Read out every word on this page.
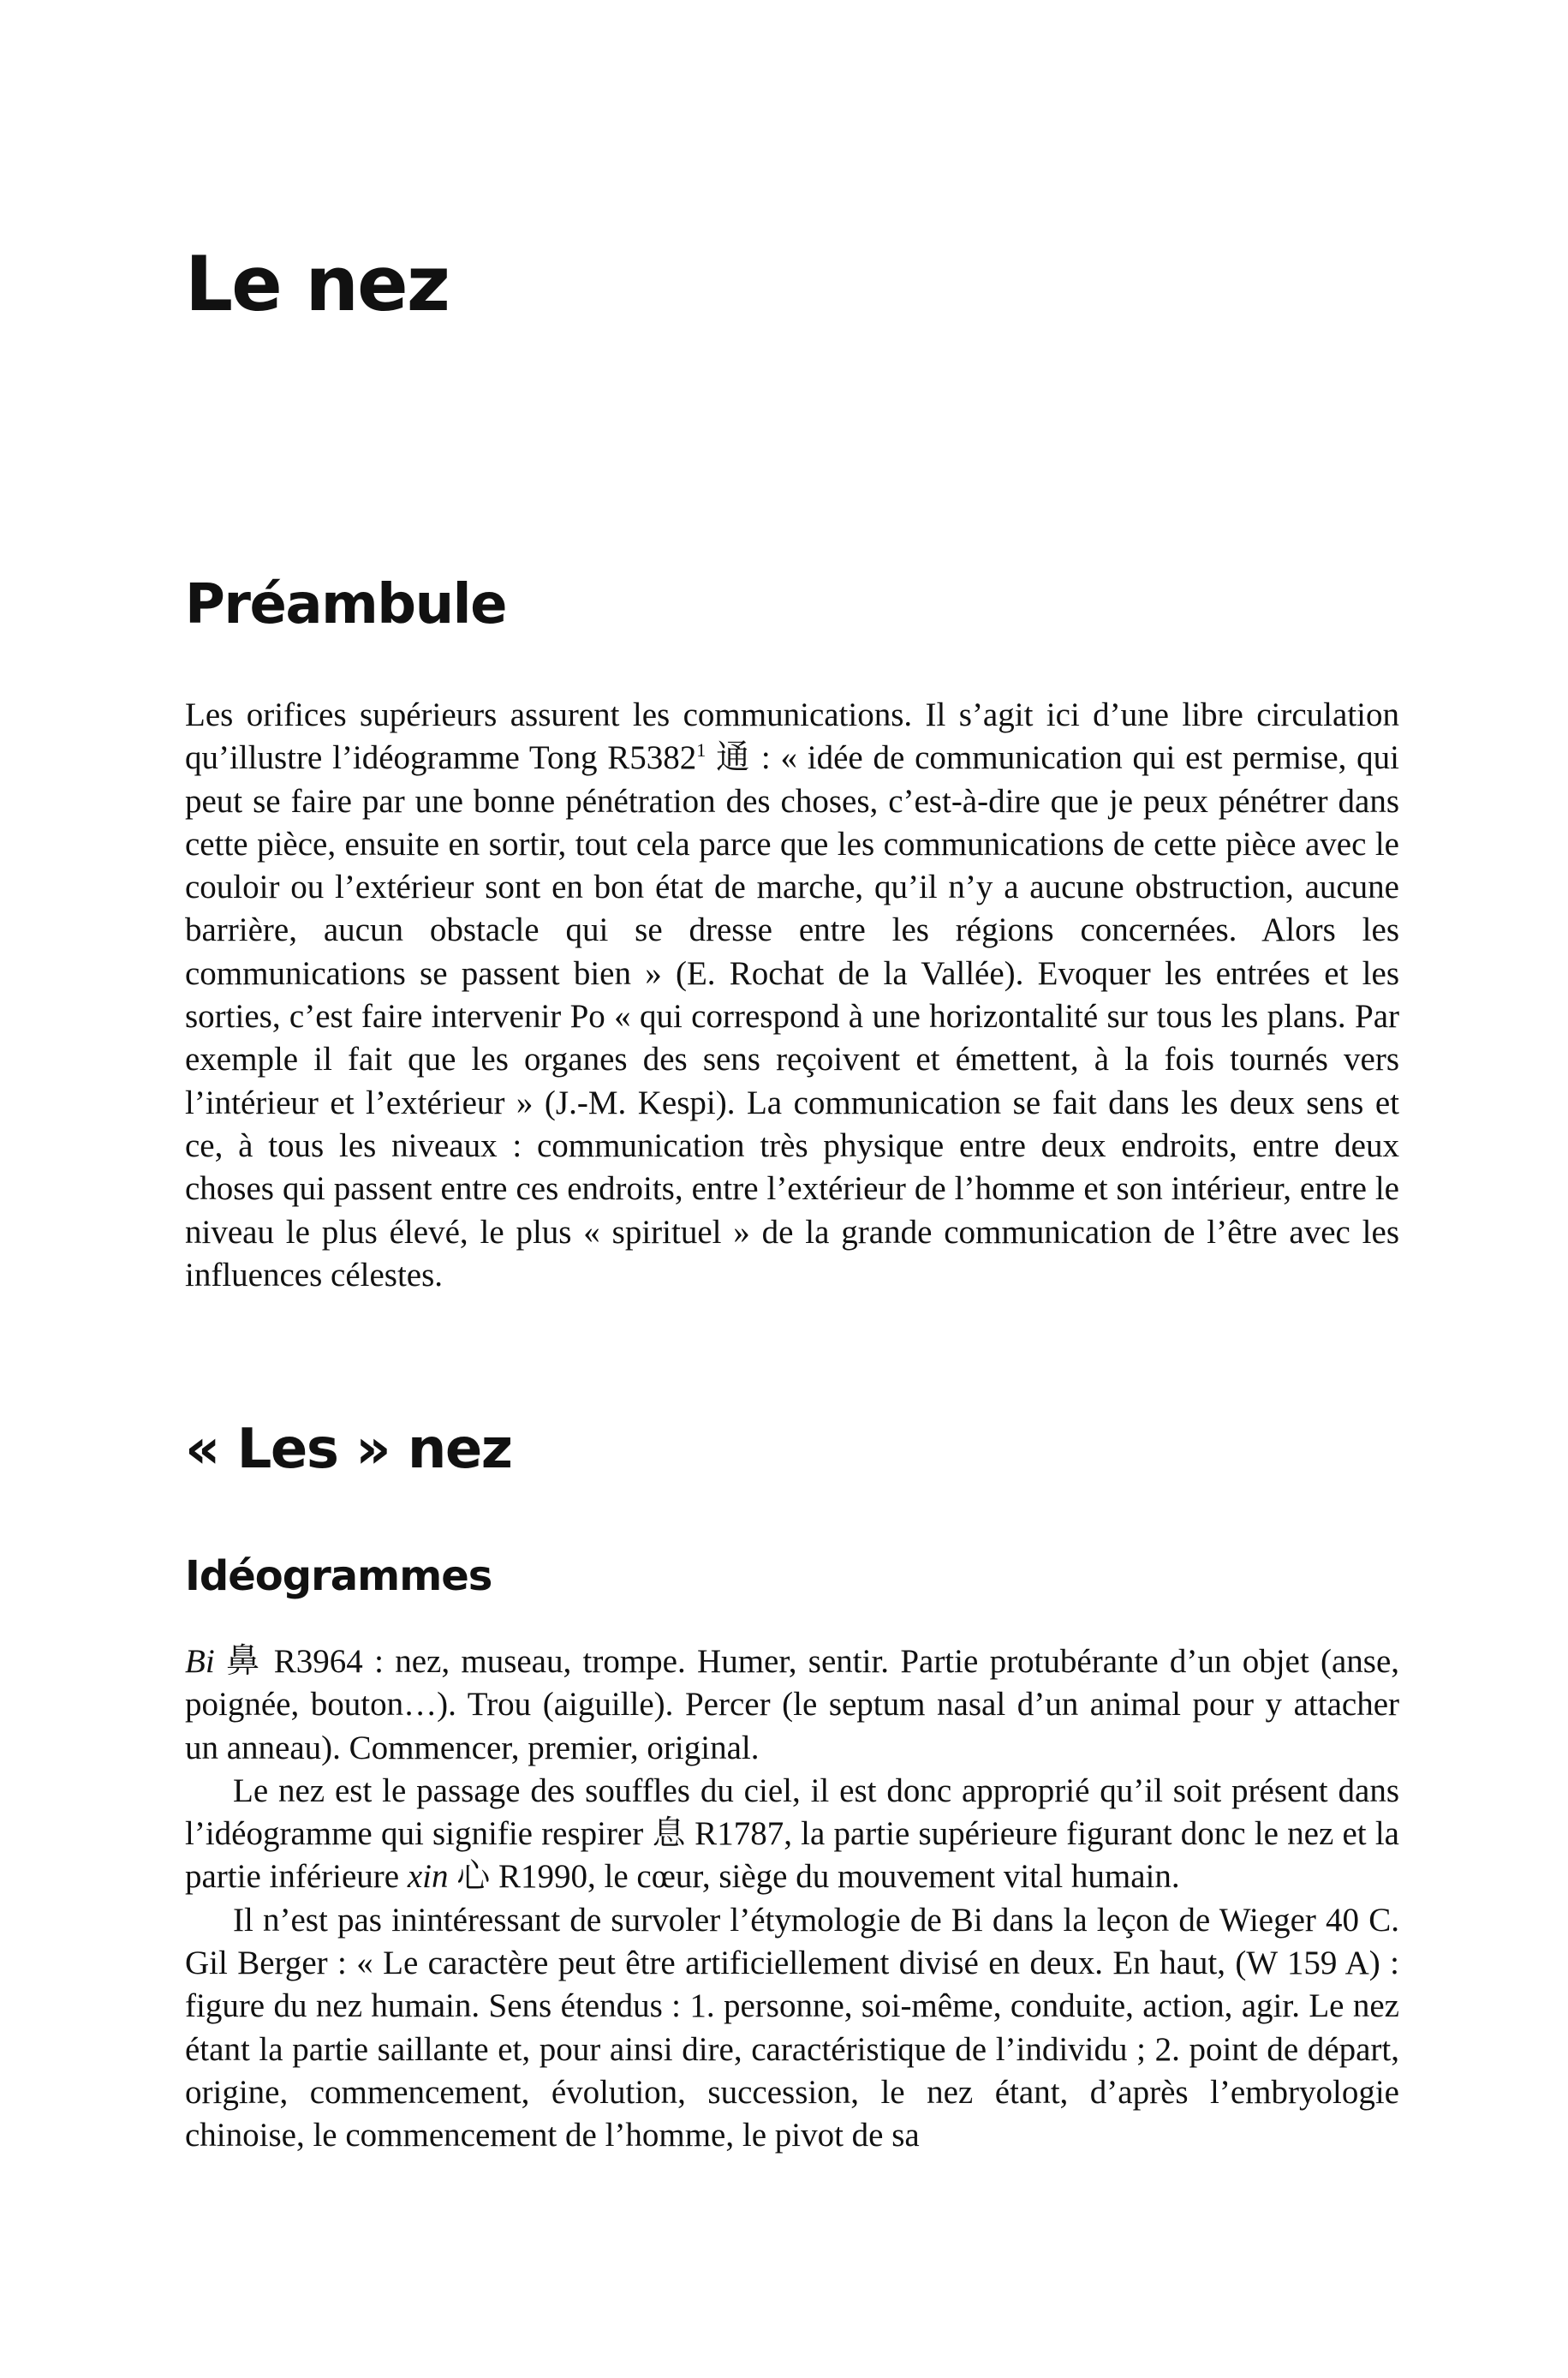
Le nez
Préambule

Les orifices supérieurs assurent les communications. Il s’agit ici d’une libre circulation qu’illustre l’idéogramme Tong R5382$^1$ 通 : « idée de communication qui est permise, qui peut se faire par une bonne pénétration des choses, c’est-à-dire que je peux pénétrer dans cette pièce, ensuite en sortir, tout cela parce que les communications de cette pièce avec le couloir ou l’extérieur sont en bon état de marche, qu’il n’y a aucune obstruction, aucune barrière, aucun obstacle qui se dresse entre les régions concernées. Alors les communications se passent bien » (E. Rochat de la Vallée). Evoquer les entrées et les sorties, c’est faire intervenir Po « qui correspond à une horizontalité sur tous les plans. Par exemple il fait que les organes des sens reçoivent et émettent, à la fois tournés vers l’intérieur et l’extérieur » (J.-M. Kespi). La communication se fait dans les deux sens et ce, à tous les niveaux : communication très physique entre deux endroits, entre deux choses qui passent entre ces endroits, entre l’extérieur de l’homme et son intérieur, entre le niveau le plus élevé, le plus « spirituel » de la grande communication de l’être avec les influences célestes.

« Les » nez
Idéogrammes

Bi 鼻 R3964 : nez, museau, trompe. Humer, sentir. Partie protubérante d’un objet (anse, poignée, bouton…). Trou (aiguille). Percer (le septum nasal d’un animal pour y attacher un anneau). Commencer, premier, original.

Le nez est le passage des souffles du ciel, il est donc approprié qu’il soit présent dans l’idéogramme qui signifie respirer 息 R1787, la partie supérieure figurant donc le nez et la partie inférieure xin 心 R1990, le cœur, siège du mouvement vital humain.

Il n’est pas inintéressant de survoler l’étymologie de Bi dans la leçon de Wieger 40 C. Gil Berger : « Le caractère peut être artificiellement divisé en deux. En haut, (W 159 A) : figure du nez humain. Sens étendus : 1. personne, soi-même, conduite, action, agir. Le nez étant la partie saillante et, pour ainsi dire, caractéristique de l’individu ; 2. point de départ, origine, commencement, évolution, succession, le nez étant, d’après l’embryologie chinoise, le commencement de l’homme, le pivot de sa
